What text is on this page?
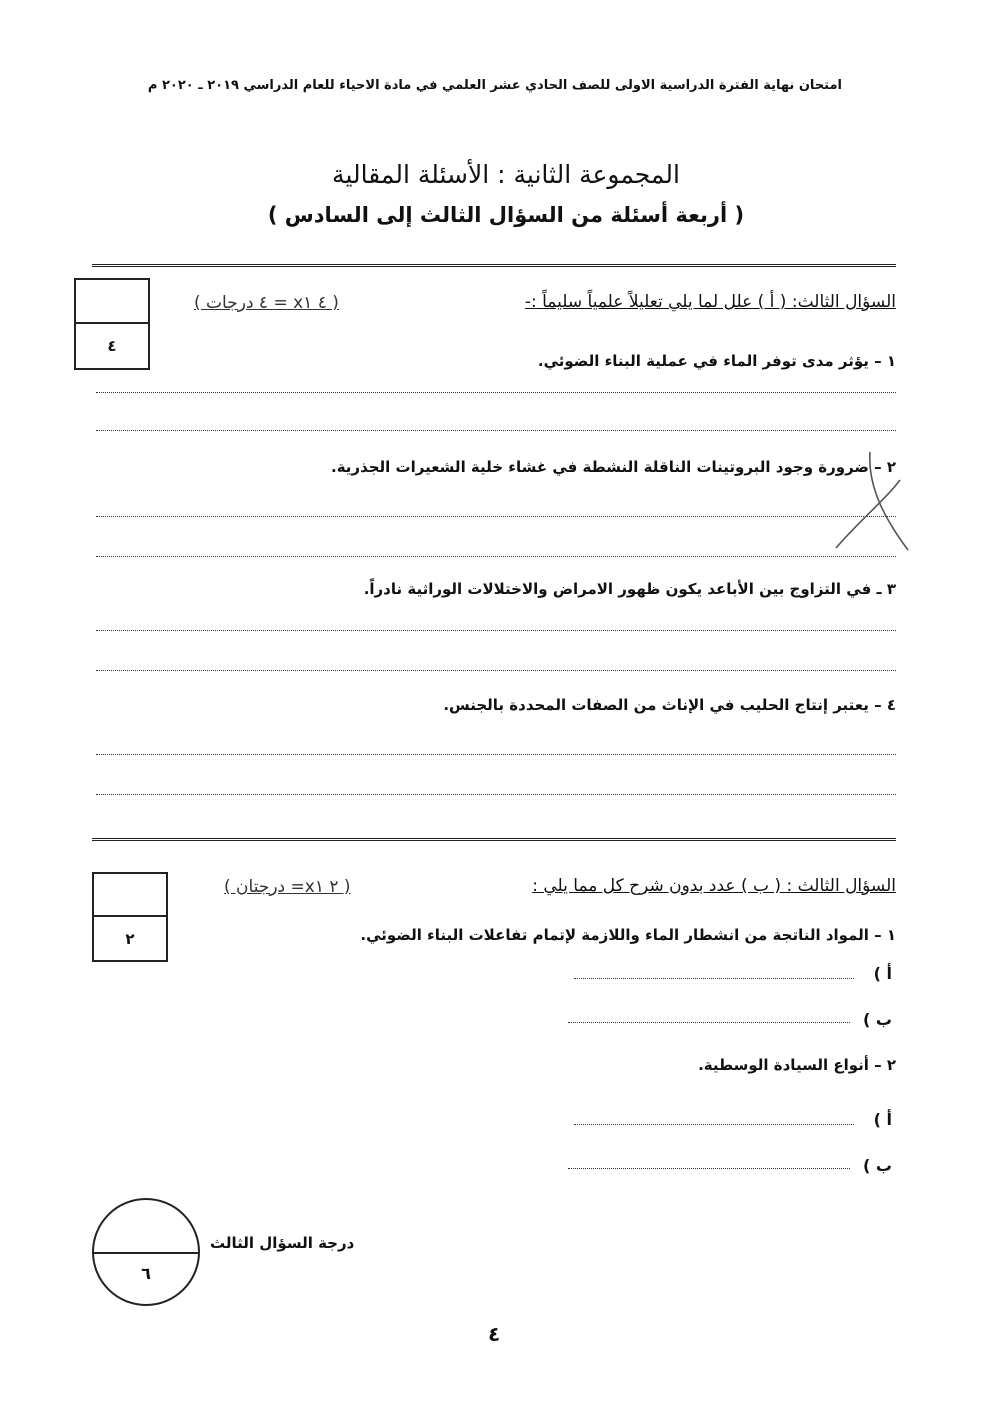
امتحان نهاية الفترة الدراسية الاولى للصف الحادي عشر العلمي في مادة الاحياء للعام الدراسي ٢٠١٩ ـ ٢٠٢٠ م
المجموعة الثانية : الأسئلة المقالية
( أربعة أسئلة من السؤال الثالث إلى السادس )
٤
السؤال الثالث: ( أ ) علل لما يلي تعليلاً علمياً سليماً :-
( ٤ x١ = ٤ درجات )
١ – يؤثر مدى توفر الماء في عملية البناء الضوئي.
٢ – ضرورة وجود البروتينات الناقلة النشطة في غشاء خلية الشعيرات الجذرية.
٣ ـ في التزاوج بين الأباعد يكون ظهور الامراض والاختلالات الوراثية نادراً.
٤ – يعتبر إنتاج الحليب في الإناث من الصفات المحددة بالجنس.
٢
السؤال الثالث : ( ب ) عدد بدون شرح كل مما يلي :
( ٢ x١= درجتان )
١ – المواد الناتجة من انشطار الماء واللازمة لإتمام تفاعلات البناء الضوئي.
أ )
ب )
٢ – أنواع السيادة الوسطية.
أ )
ب )
٦
درجة السؤال الثالث
٤
